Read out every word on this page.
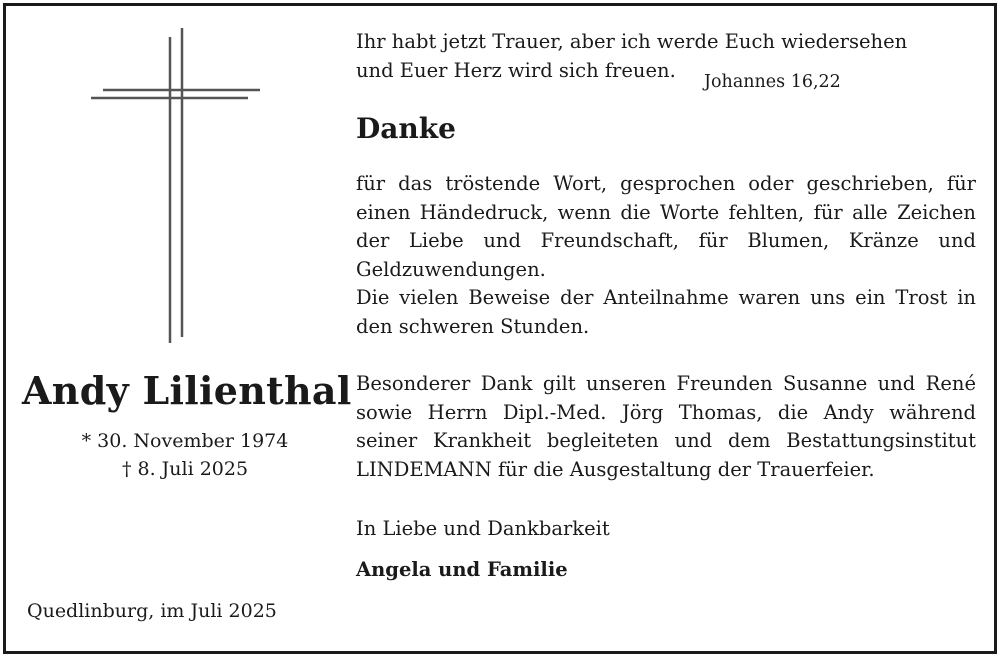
Andy Lilienthal
* 30. November 1974
† 8. Juli 2025
Quedlinburg, im Juli 2025
Ihr habt jetzt Trauer, aber ich werde Euch wiedersehen
und Euer Herz wird sich freuen.	Johannes 16,22
Danke
für das tröstende Wort, gesprochen oder geschrieben, für
einen Händedruck, wenn die Worte fehlten, für alle Zeichen
der Liebe und Freundschaft, für Blumen, Kränze und
Geldzuwendungen.
Die vielen Beweise der Anteilnahme waren uns ein Trost in
den schweren Stunden.
Besonderer Dank gilt unseren Freunden Susanne und René
sowie Herrn Dipl.-Med. Jörg Thomas, die Andy während
seiner Krankheit begleiteten und dem Bestattungsinstitut
LINDEMANN für die Ausgestaltung der Trauerfeier.
In Liebe und Dankbarkeit
Angela und Familie
